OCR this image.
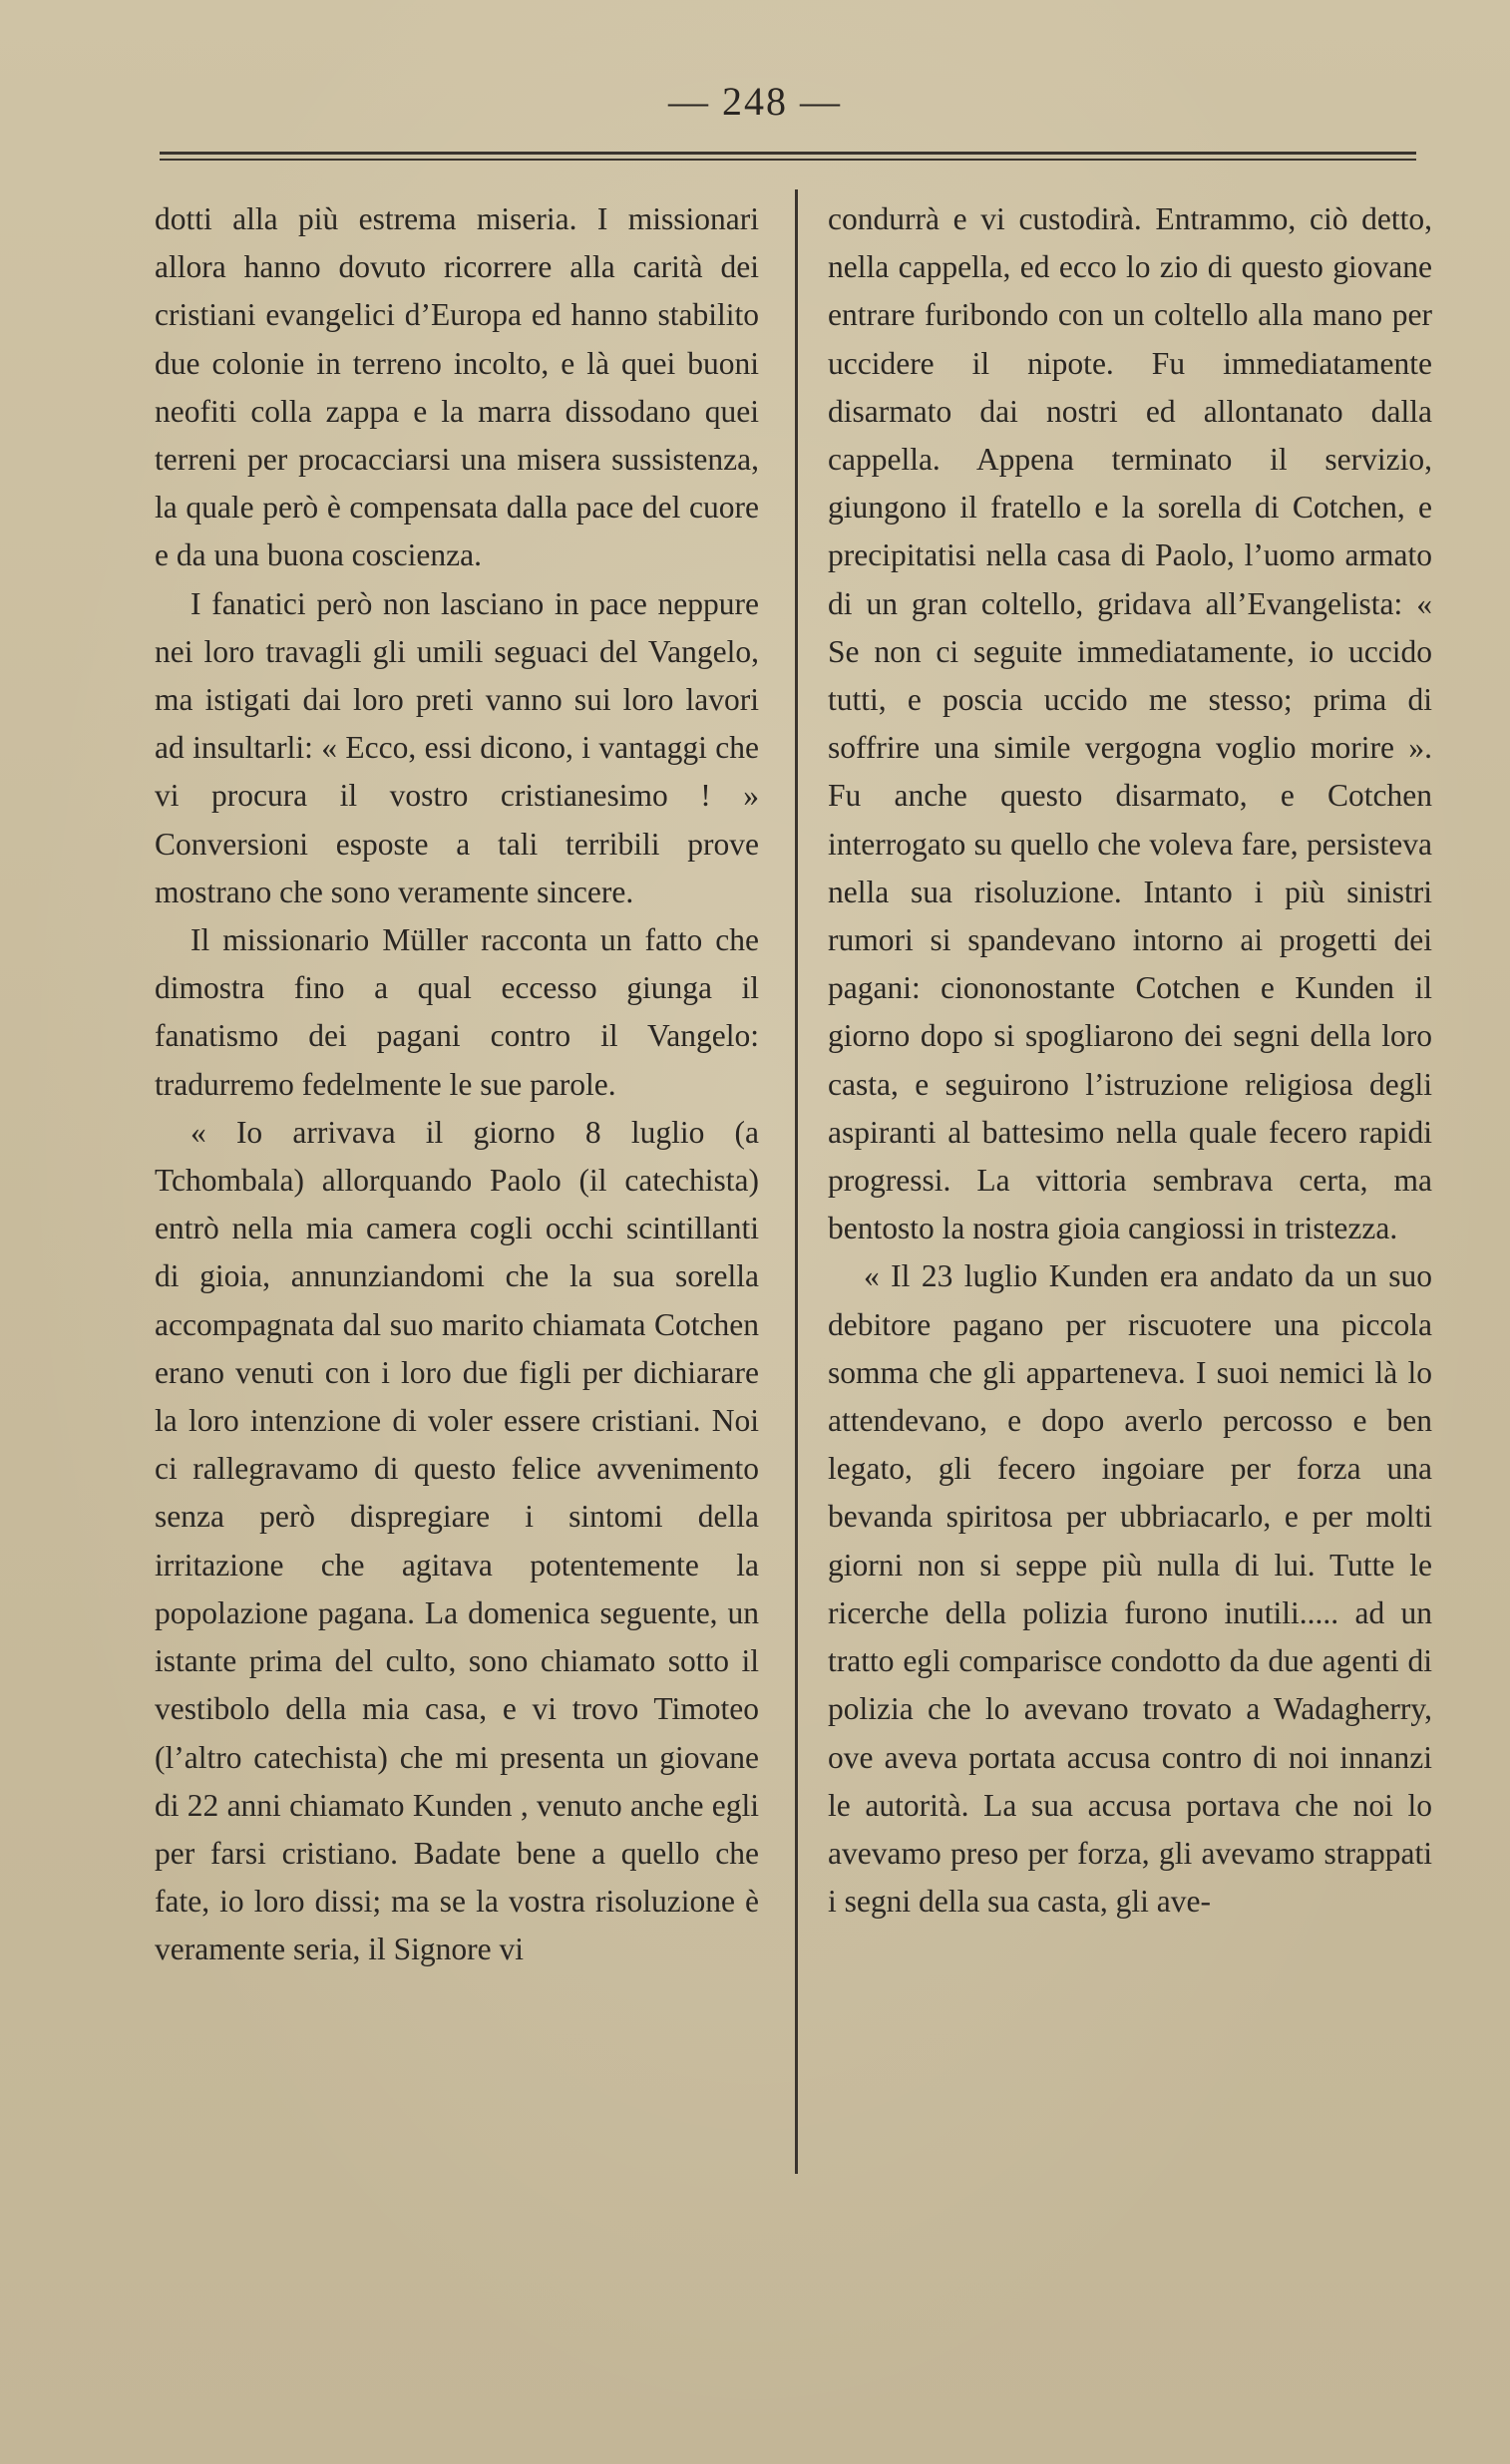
— 248 —

dotti alla più estrema miseria. I missionari allora hanno dovuto ricorrere alla carità dei cristiani evangelici d’Europa ed hanno stabilito due colonie in terreno incolto, e là quei buoni neofiti colla zappa e la marra dissodano quei terreni per procacciarsi una misera sussistenza, la quale però è compensata dalla pace del cuore e da una buona coscienza.

I fanatici però non lasciano in pace neppure nei loro travagli gli umili seguaci del Vangelo, ma istigati dai loro preti vanno sui loro lavori ad insultarli: « Ecco, essi dicono, i vantaggi che vi procura il vostro cristianesimo ! » Conversioni esposte a tali terribili prove mostrano che sono veramente sincere.

Il missionario Müller racconta un fatto che dimostra fino a qual eccesso giunga il fanatismo dei pagani contro il Vangelo: tradurremo fedelmente le sue parole.

« Io arrivava il giorno 8 luglio (a Tchombala) allorquando Paolo (il catechista) entrò nella mia camera cogli occhi scintillanti di gioia, annunziandomi che la sua sorella accompagnata dal suo marito chiamata Cotchen erano venuti con i loro due figli per dichiarare la loro intenzione di voler essere cristiani. Noi ci rallegravamo di questo felice avvenimento senza però dispregiare i sintomi della irritazione che agitava potentemente la popolazione pagana. La domenica seguente, un istante prima del culto, sono chiamato sotto il vestibolo della mia casa, e vi trovo Timoteo (l’altro catechista) che mi presenta un giovane di 22 anni chiamato Kunden , venuto anche egli per farsi cristiano. Badate bene a quello che fate, io loro dissi; ma se la vostra risoluzione è veramente seria, il Signore vi

condurrà e vi custodirà. Entrammo, ciò detto, nella cappella, ed ecco lo zio di questo giovane entrare furibondo con un coltello alla mano per uccidere il nipote. Fu immediatamente disarmato dai nostri ed allontanato dalla cappella. Appena terminato il servizio, giungono il fratello e la sorella di Cotchen, e precipitatisi nella casa di Paolo, l’uomo armato di un gran coltello, gridava all’Evangelista: « Se non ci seguite immediatamente, io uccido tutti, e poscia uccido me stesso; prima di soffrire una simile vergogna voglio morire ». Fu anche questo disarmato, e Cotchen interrogato su quello che voleva fare, persisteva nella sua risoluzione. Intanto i più sinistri rumori si spandevano intorno ai progetti dei pagani: ciononostante Cotchen e Kunden il giorno dopo si spogliarono dei segni della loro casta, e seguirono l’istruzione religiosa degli aspiranti al battesimo nella quale fecero rapidi progressi. La vittoria sembrava certa, ma bentosto la nostra gioia cangiossi in tristezza.

« Il 23 luglio Kunden era andato da un suo debitore pagano per riscuotere una piccola somma che gli apparteneva. I suoi nemici là lo attendevano, e dopo averlo percosso e ben legato, gli fecero ingoiare per forza una bevanda spiritosa per ubbriacarlo, e per molti giorni non si seppe più nulla di lui. Tutte le ricerche della polizia furono inutili..... ad un tratto egli comparisce condotto da due agenti di polizia che lo avevano trovato a Wadagherry, ove aveva portata accusa contro di noi innanzi le autorità. La sua accusa portava che noi lo avevamo preso per forza, gli avevamo strappati i segni della sua casta, gli ave-
